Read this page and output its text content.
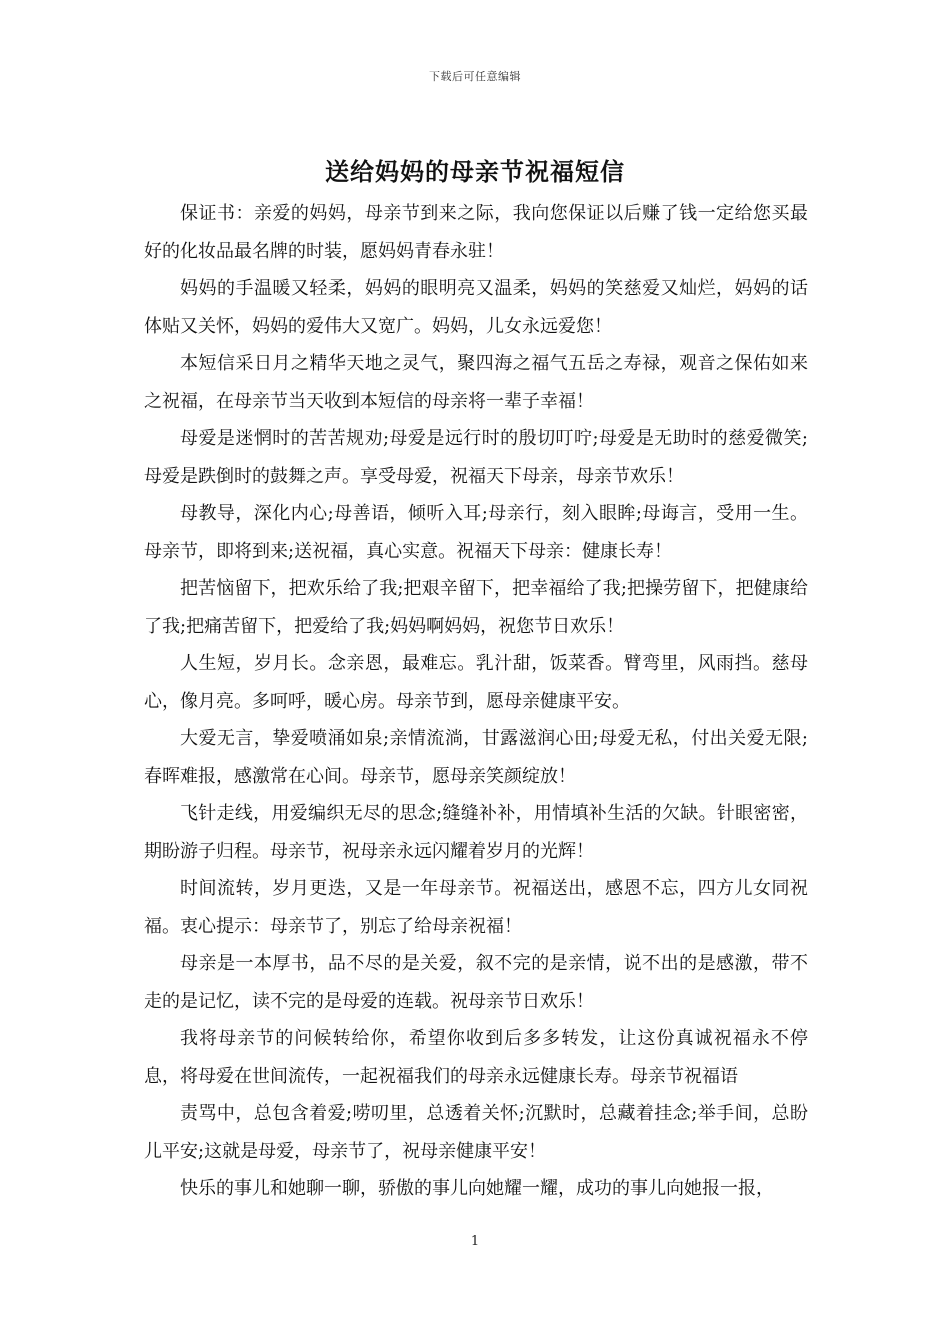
下载后可任意编辑
送给妈妈的母亲节祝福短信

保证书：亲爱的妈妈，母亲节到来之际，我向您保证以后赚了钱一定给您买最好的化妆品最名牌的时装，愿妈妈青春永驻！

妈妈的手温暖又轻柔，妈妈的眼明亮又温柔，妈妈的笑慈爱又灿烂，妈妈的话体贴又关怀，妈妈的爱伟大又宽广。妈妈，儿女永远爱您！

本短信采日月之精华天地之灵气，聚四海之福气五岳之寿禄，观音之保佑如来之祝福，在母亲节当天收到本短信的母亲将一辈子幸福！

母爱是迷惘时的苦苦规劝;母爱是远行时的殷切叮咛;母爱是无助时的慈爱微笑;母爱是跌倒时的鼓舞之声。享受母爱，祝福天下母亲，母亲节欢乐！

母教导，深化内心;母善语，倾听入耳;母亲行，刻入眼眸;母诲言，受用一生。母亲节，即将到来;送祝福，真心实意。祝福天下母亲：健康长寿！

把苦恼留下，把欢乐给了我;把艰辛留下，把幸福给了我;把操劳留下，把健康给了我;把痛苦留下，把爱给了我;妈妈啊妈妈，祝您节日欢乐！

人生短，岁月长。念亲恩，最难忘。乳汁甜，饭菜香。臂弯里，风雨挡。慈母心，像月亮。多呵呼，暖心房。母亲节到，愿母亲健康平安。

大爱无言，挚爱喷涌如泉;亲情流淌，甘露滋润心田;母爱无私，付出关爱无限;春晖难报，感激常在心间。母亲节，愿母亲笑颜绽放！

飞针走线，用爱编织无尽的思念;缝缝补补，用情填补生活的欠缺。针眼密密，期盼游子归程。母亲节，祝母亲永远闪耀着岁月的光辉！

时间流转，岁月更迭，又是一年母亲节。祝福送出，感恩不忘，四方儿女同祝福。衷心提示：母亲节了，别忘了给母亲祝福！

母亲是一本厚书，品不尽的是关爱，叙不完的是亲情，说不出的是感激，带不走的是记忆，读不完的是母爱的连载。祝母亲节日欢乐！

我将母亲节的问候转给你，希望你收到后多多转发，让这份真诚祝福永不停息，将母爱在世间流传，一起祝福我们的母亲永远健康长寿。母亲节祝福语

责骂中，总包含着爱;唠叨里，总透着关怀;沉默时，总藏着挂念;举手间，总盼儿平安;这就是母爱，母亲节了，祝母亲健康平安！

快乐的事儿和她聊一聊，骄傲的事儿向她耀一耀，成功的事儿向她报一报，

1
